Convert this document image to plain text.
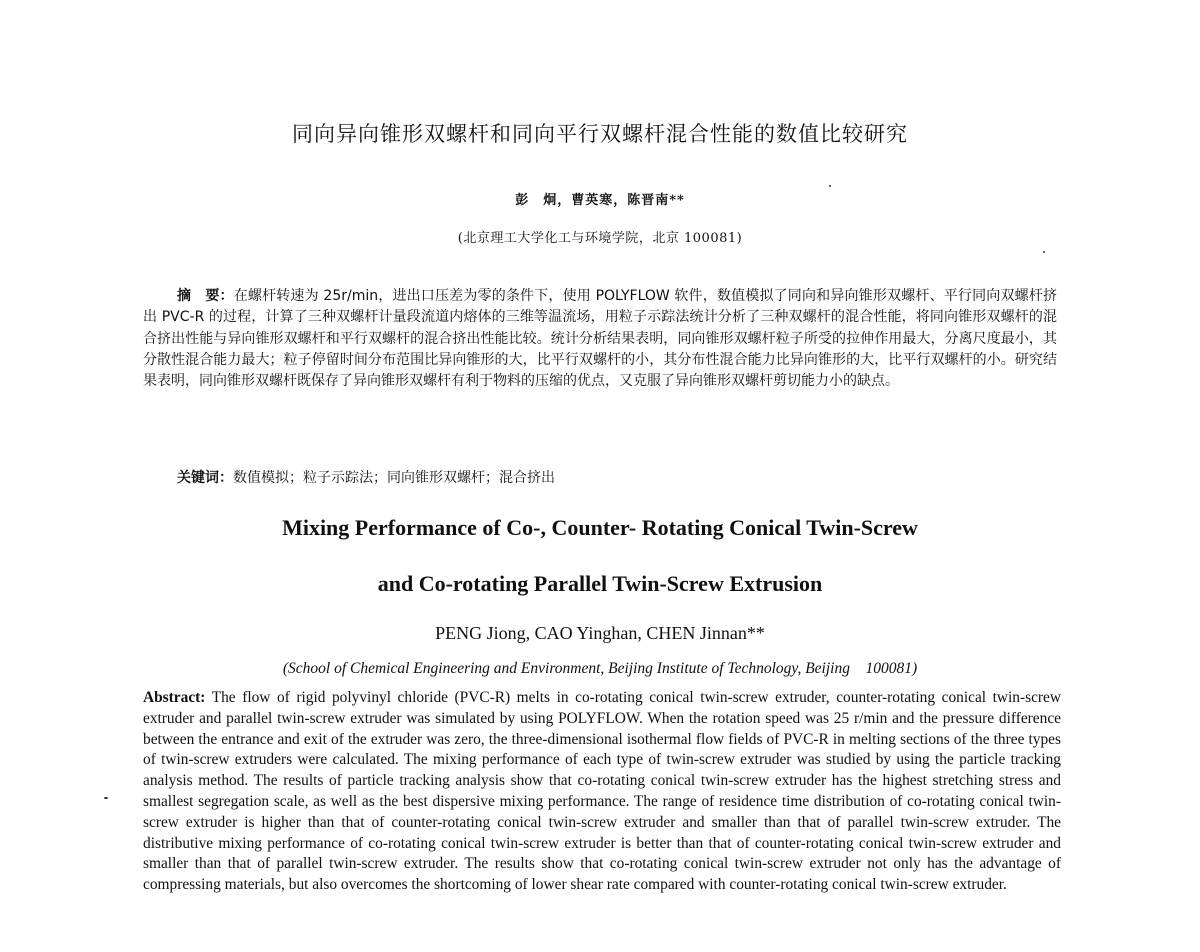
同向异向锥形双螺杆和同向平行双螺杆混合性能的数值比较研究
彭　炯，曹英寒，陈晋南**
(北京理工大学化工与环境学院，北京 100081)

摘　要：在螺杆转速为 25r/min，进出口压差为零的条件下，使用 POLYFLOW 软件，数值模拟了同向和异向锥形双螺杆、平行同向双螺杆挤出 PVC-R 的过程，计算了三种双螺杆计量段流道内熔体的三维等温流场，用粒子示踪法统计分析了三种双螺杆的混合性能，将同向锥形双螺杆的混合挤出性能与异向锥形双螺杆和平行双螺杆的混合挤出性能比较。统计分析结果表明，同向锥形双螺杆粒子所受的拉伸作用最大，分离尺度最小，其分散性混合能力最大；粒子停留时间分布范围比异向锥形的大，比平行双螺杆的小，其分布性混合能力比异向锥形的大，比平行双螺杆的小。研究结果表明，同向锥形双螺杆既保存了异向锥形双螺杆有利于物料的压缩的优点，又克服了异向锥形双螺杆剪切能力小的缺点。

关键词：数值模拟；粒子示踪法；同向锥形双螺杆；混合挤出

Mixing Performance of Co-, Counter- Rotating Conical Twin-Screw
and Co-rotating Parallel Twin-Screw Extrusion
PENG Jiong, CAO Yinghan, CHEN Jinnan**
(School of Chemical Engineering and Environment, Beijing Institute of Technology, Beijing　100081)

Abstract: The flow of rigid polyvinyl chloride (PVC-R) melts in co-rotating conical twin-screw extruder, counter-rotating conical twin-screw extruder and parallel twin-screw extruder was simulated by using POLYFLOW. When the rotation speed was 25 r/min and the pressure difference between the entrance and exit of the extruder was zero, the three-dimensional isothermal flow fields of PVC-R in melting sections of the three types of twin-screw extruders were calculated. The mixing performance of each type of twin-screw extruder was studied by using the particle tracking analysis method. The results of particle tracking analysis show that co-rotating conical twin-screw extruder has the highest stretching stress and smallest segregation scale, as well as the best dispersive mixing performance. The range of residence time distribution of co-rotating conical twin-screw extruder is higher than that of counter-rotating conical twin-screw extruder and smaller than that of parallel twin-screw extruder. The distributive mixing performance of co-rotating conical twin-screw extruder is better than that of counter-rotating conical twin-screw extruder and smaller than that of parallel twin-screw extruder. The results show that co-rotating conical twin-screw extruder not only has the advantage of compressing materials, but also overcomes the shortcoming of lower shear rate compared with counter-rotating conical twin-screw extruder.
